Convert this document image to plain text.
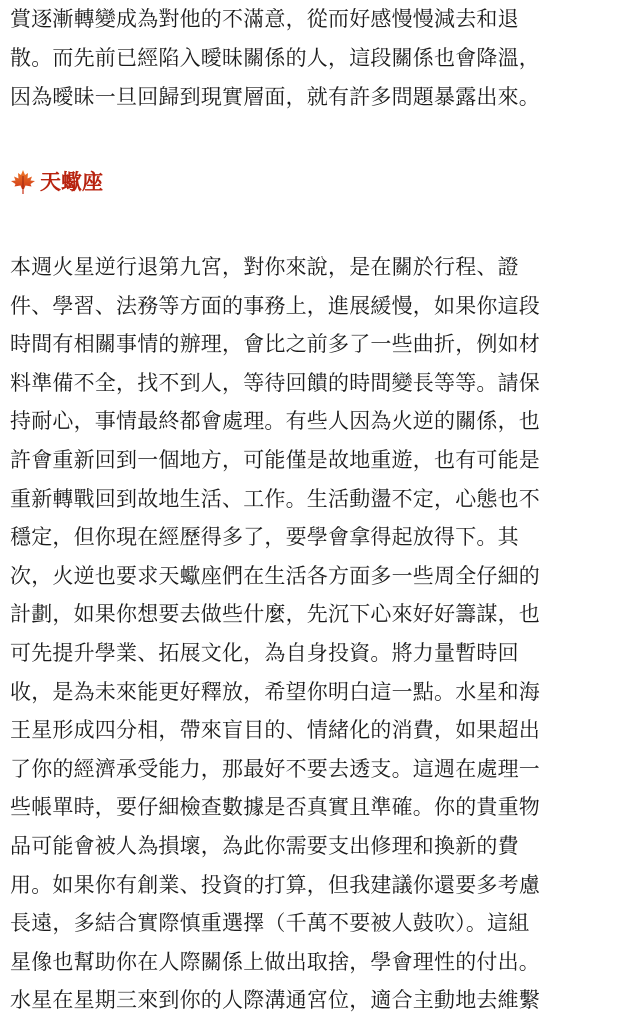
賞逐漸轉變成為對他的不滿意，從而好感慢慢減去和退
散。而先前已經陷入曖昧關係的人，這段關係也會降溫，
因為曖昧一旦回歸到現實層面，就有許多問題暴露出來。
天蠍座
本週火星逆行退第九宮，對你來說，是在關於行程、證
件、學習、法務等方面的事務上，進展緩慢，如果你這段
時間有相關事情的辦理，會比之前多了一些曲折，例如材
料準備不全，找不到人，等待回饋的時間變長等等。請保
持耐心，事情最終都會處理。有些人因為火逆的關係，也
許會重新回到一個地方，可能僅是故地重遊，也有可能是
重新轉戰回到故地生活、工作。生活動盪不定，心態也不
穩定，但你現在經歷得多了，要學會拿得起放得下。其
次，火逆也要求天蠍座們在生活各方面多一些周全仔細的
計劃，如果你想要去做些什麼，先沉下心來好好籌謀，也
可先提升學業、拓展文化，為自身投資。將力量暫時回
收，是為未來能更好釋放，希望你明白這一點。水星和海
王星形成四分相，帶來盲目的、情緒化的消費，如果超出
了你的經濟承受能力，那最好不要去透支。這週在處理一
些帳單時，要仔細檢查數據是否真實且準確。你的貴重物
品可能會被人為損壞，為此你需要支出修理和換新的費
用。如果你有創業、投資的打算，但我建議你還要多考慮
長遠，多結合實際慎重選擇（千萬不要被人鼓吹）。這組
星像也幫助你在人際關係上做出取捨，學會理性的付出。
水星在星期三來到你的人際溝通宮位，適合主動地去維繫
